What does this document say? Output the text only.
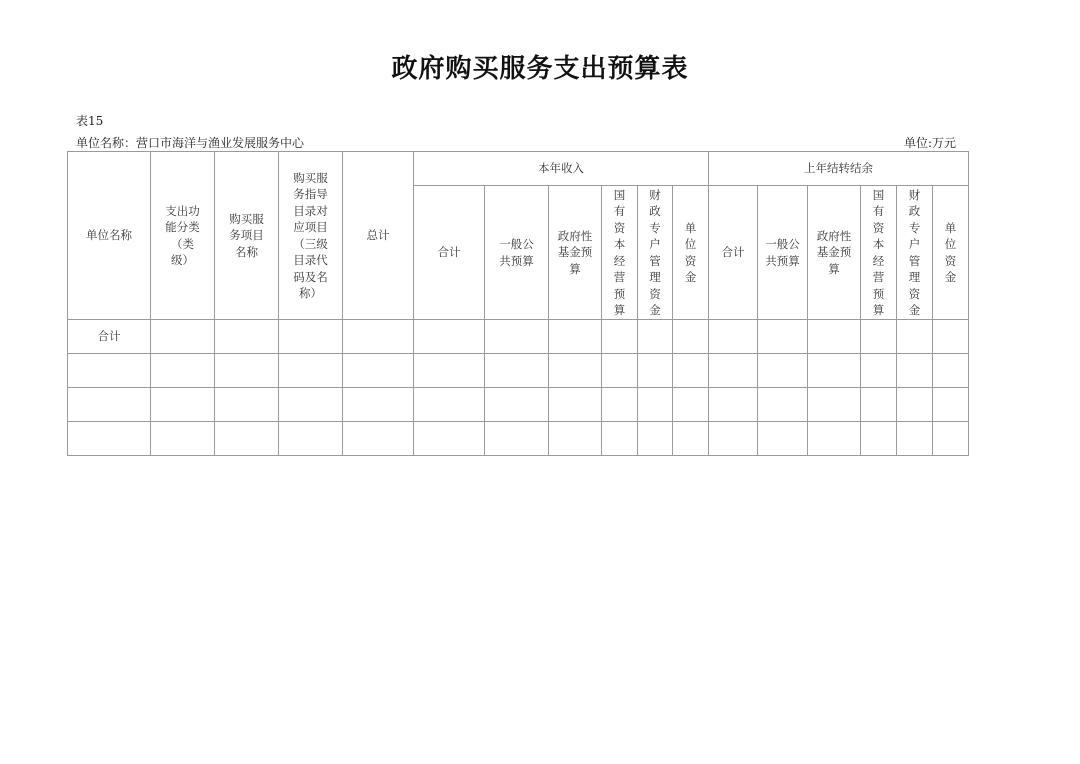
政府购买服务支出预算表
表15
单位名称：营口市海洋与渔业发展服务中心	单位:万元
单位名称	支出功能分类（类级）	购买服务项目名称	购买服务指导目录对应项目（三级目录代码及名称）	总计	本年收入						上年结转结余					
					合计	一般公共预算	政府性基金预算	国有资本经营预算	财政专户管理资金	单位资金	合计	一般公共预算	政府性基金预算	国有资本经营预算	财政专户管理资金	单位资金
合计																
